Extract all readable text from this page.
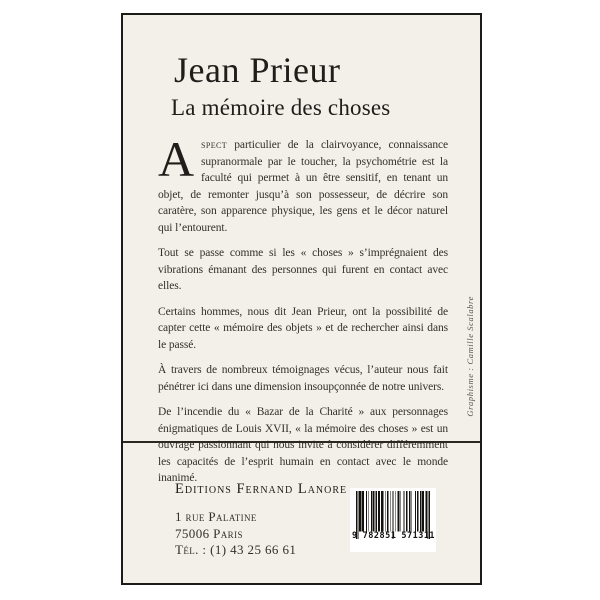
Jean Prieur
La mémoire des choses

Aspect particulier de la clairvoyance, connaissance supranormale par le toucher, la psychométrie est la faculté qui permet à un être sensitif, en tenant un objet, de remonter jusqu’à son possesseur, de décrire son caratère, son apparence physique, les gens et le décor naturel qui l’entourent.

Tout se passe comme si les « choses » s’imprégnaient des vibrations émanant des personnes qui furent en contact avec elles.

Certains hommes, nous dit Jean Prieur, ont la possibilité de capter cette « mémoire des objets » et de rechercher ainsi dans le passé.

À travers de nombreux témoignages vécus, l’auteur nous fait pénétrer ici dans une dimension insoupçonnée de notre univers.

De l’incendie du « Bazar de la Charité » aux personnages énigmatiques de Louis XVII, « la mémoire des choses » est un ouvrage passionnant qui nous invite à considérer différemment les capacités de l’esprit humain en contact avec le monde inanimé.

Graphisme : Camille Scalabre
Editions Fernand Lanore
1 rue Palatine
75006 Paris
Tél. : (1) 43 25 66 61
9 782851 571311
